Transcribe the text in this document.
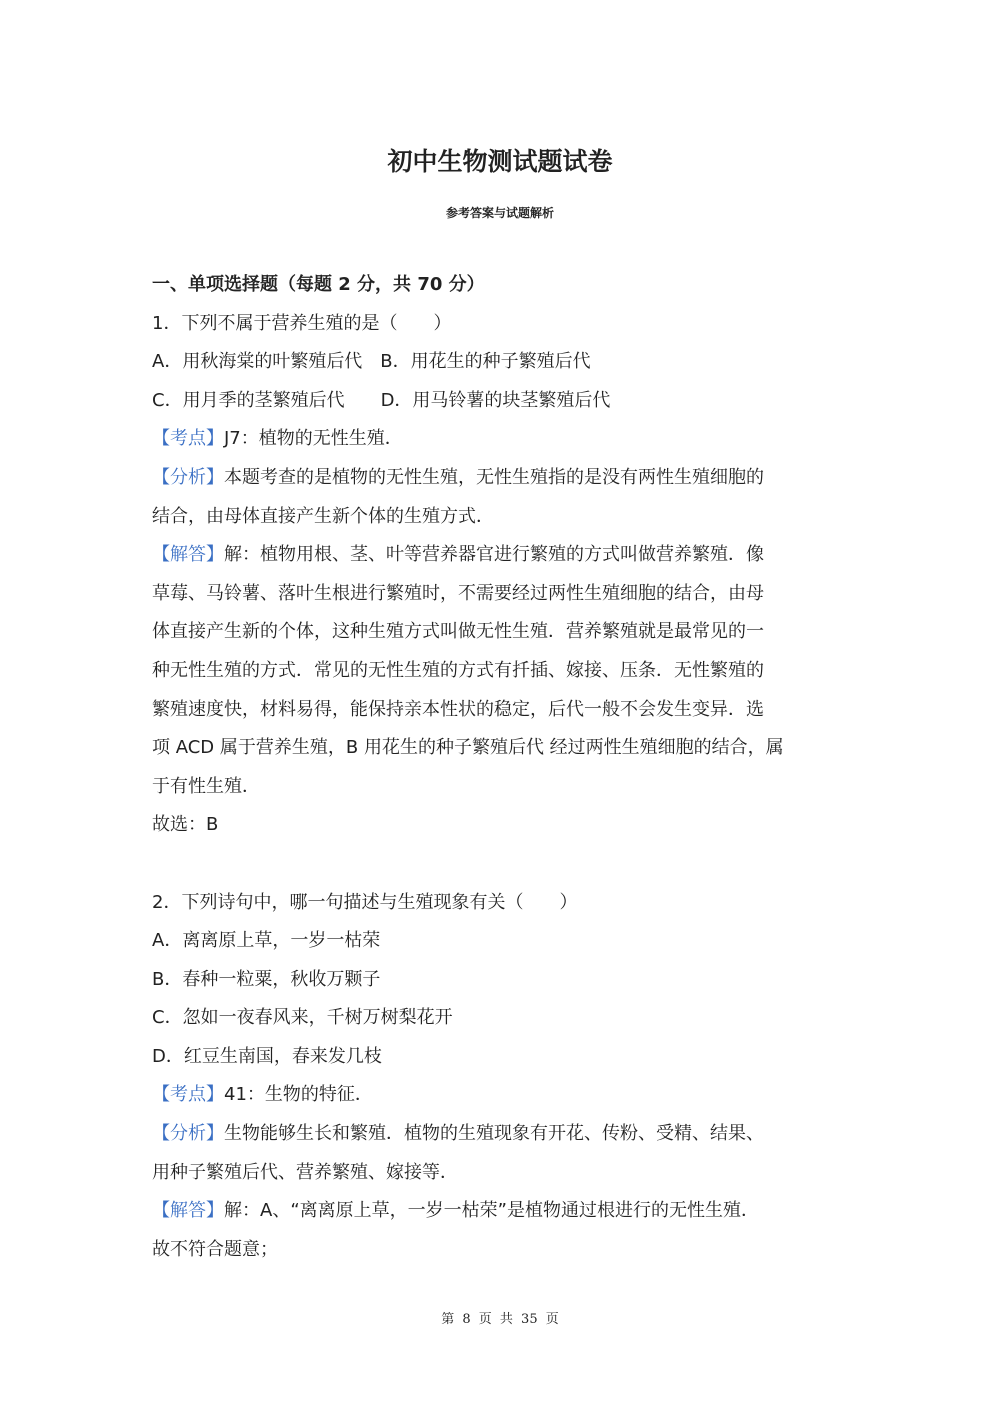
初中生物测试题试卷
参考答案与试题解析
一、单项选择题（每题 2 分，共 70 分）
1．下列不属于营养生殖的是（　　）
A．用秋海棠的叶繁殖后代　B．用花生的种子繁殖后代
C．用月季的茎繁殖后代　　D．用马铃薯的块茎繁殖后代
【考点】J7：植物的无性生殖．
【分析】本题考查的是植物的无性生殖，无性生殖指的是没有两性生殖细胞的
结合，由母体直接产生新个体的生殖方式．
【解答】解：植物用根、茎、叶等营养器官进行繁殖的方式叫做营养繁殖．像
草莓、马铃薯、落叶生根进行繁殖时，不需要经过两性生殖细胞的结合，由母
体直接产生新的个体，这种生殖方式叫做无性生殖．营养繁殖就是最常见的一
种无性生殖的方式．常见的无性生殖的方式有扦插、嫁接、压条．无性繁殖的
繁殖速度快，材料易得，能保持亲本性状的稳定，后代一般不会发生变异．选
项 ACD 属于营养生殖，B 用花生的种子繁殖后代 经过两性生殖细胞的结合，属
于有性生殖．
故选：B
2．下列诗句中，哪一句描述与生殖现象有关（　　）
A．离离原上草，一岁一枯荣
B．春种一粒粟，秋收万颗子
C．忽如一夜春风来，千树万树梨花开
D．红豆生南国，春来发几枝
【考点】41：生物的特征．
【分析】生物能够生长和繁殖．植物的生殖现象有开花、传粉、受精、结果、
用种子繁殖后代、营养繁殖、嫁接等．
【解答】解：A、“离离原上草，一岁一枯荣”是植物通过根进行的无性生殖．
故不符合题意；
第 8 页 共 35 页
